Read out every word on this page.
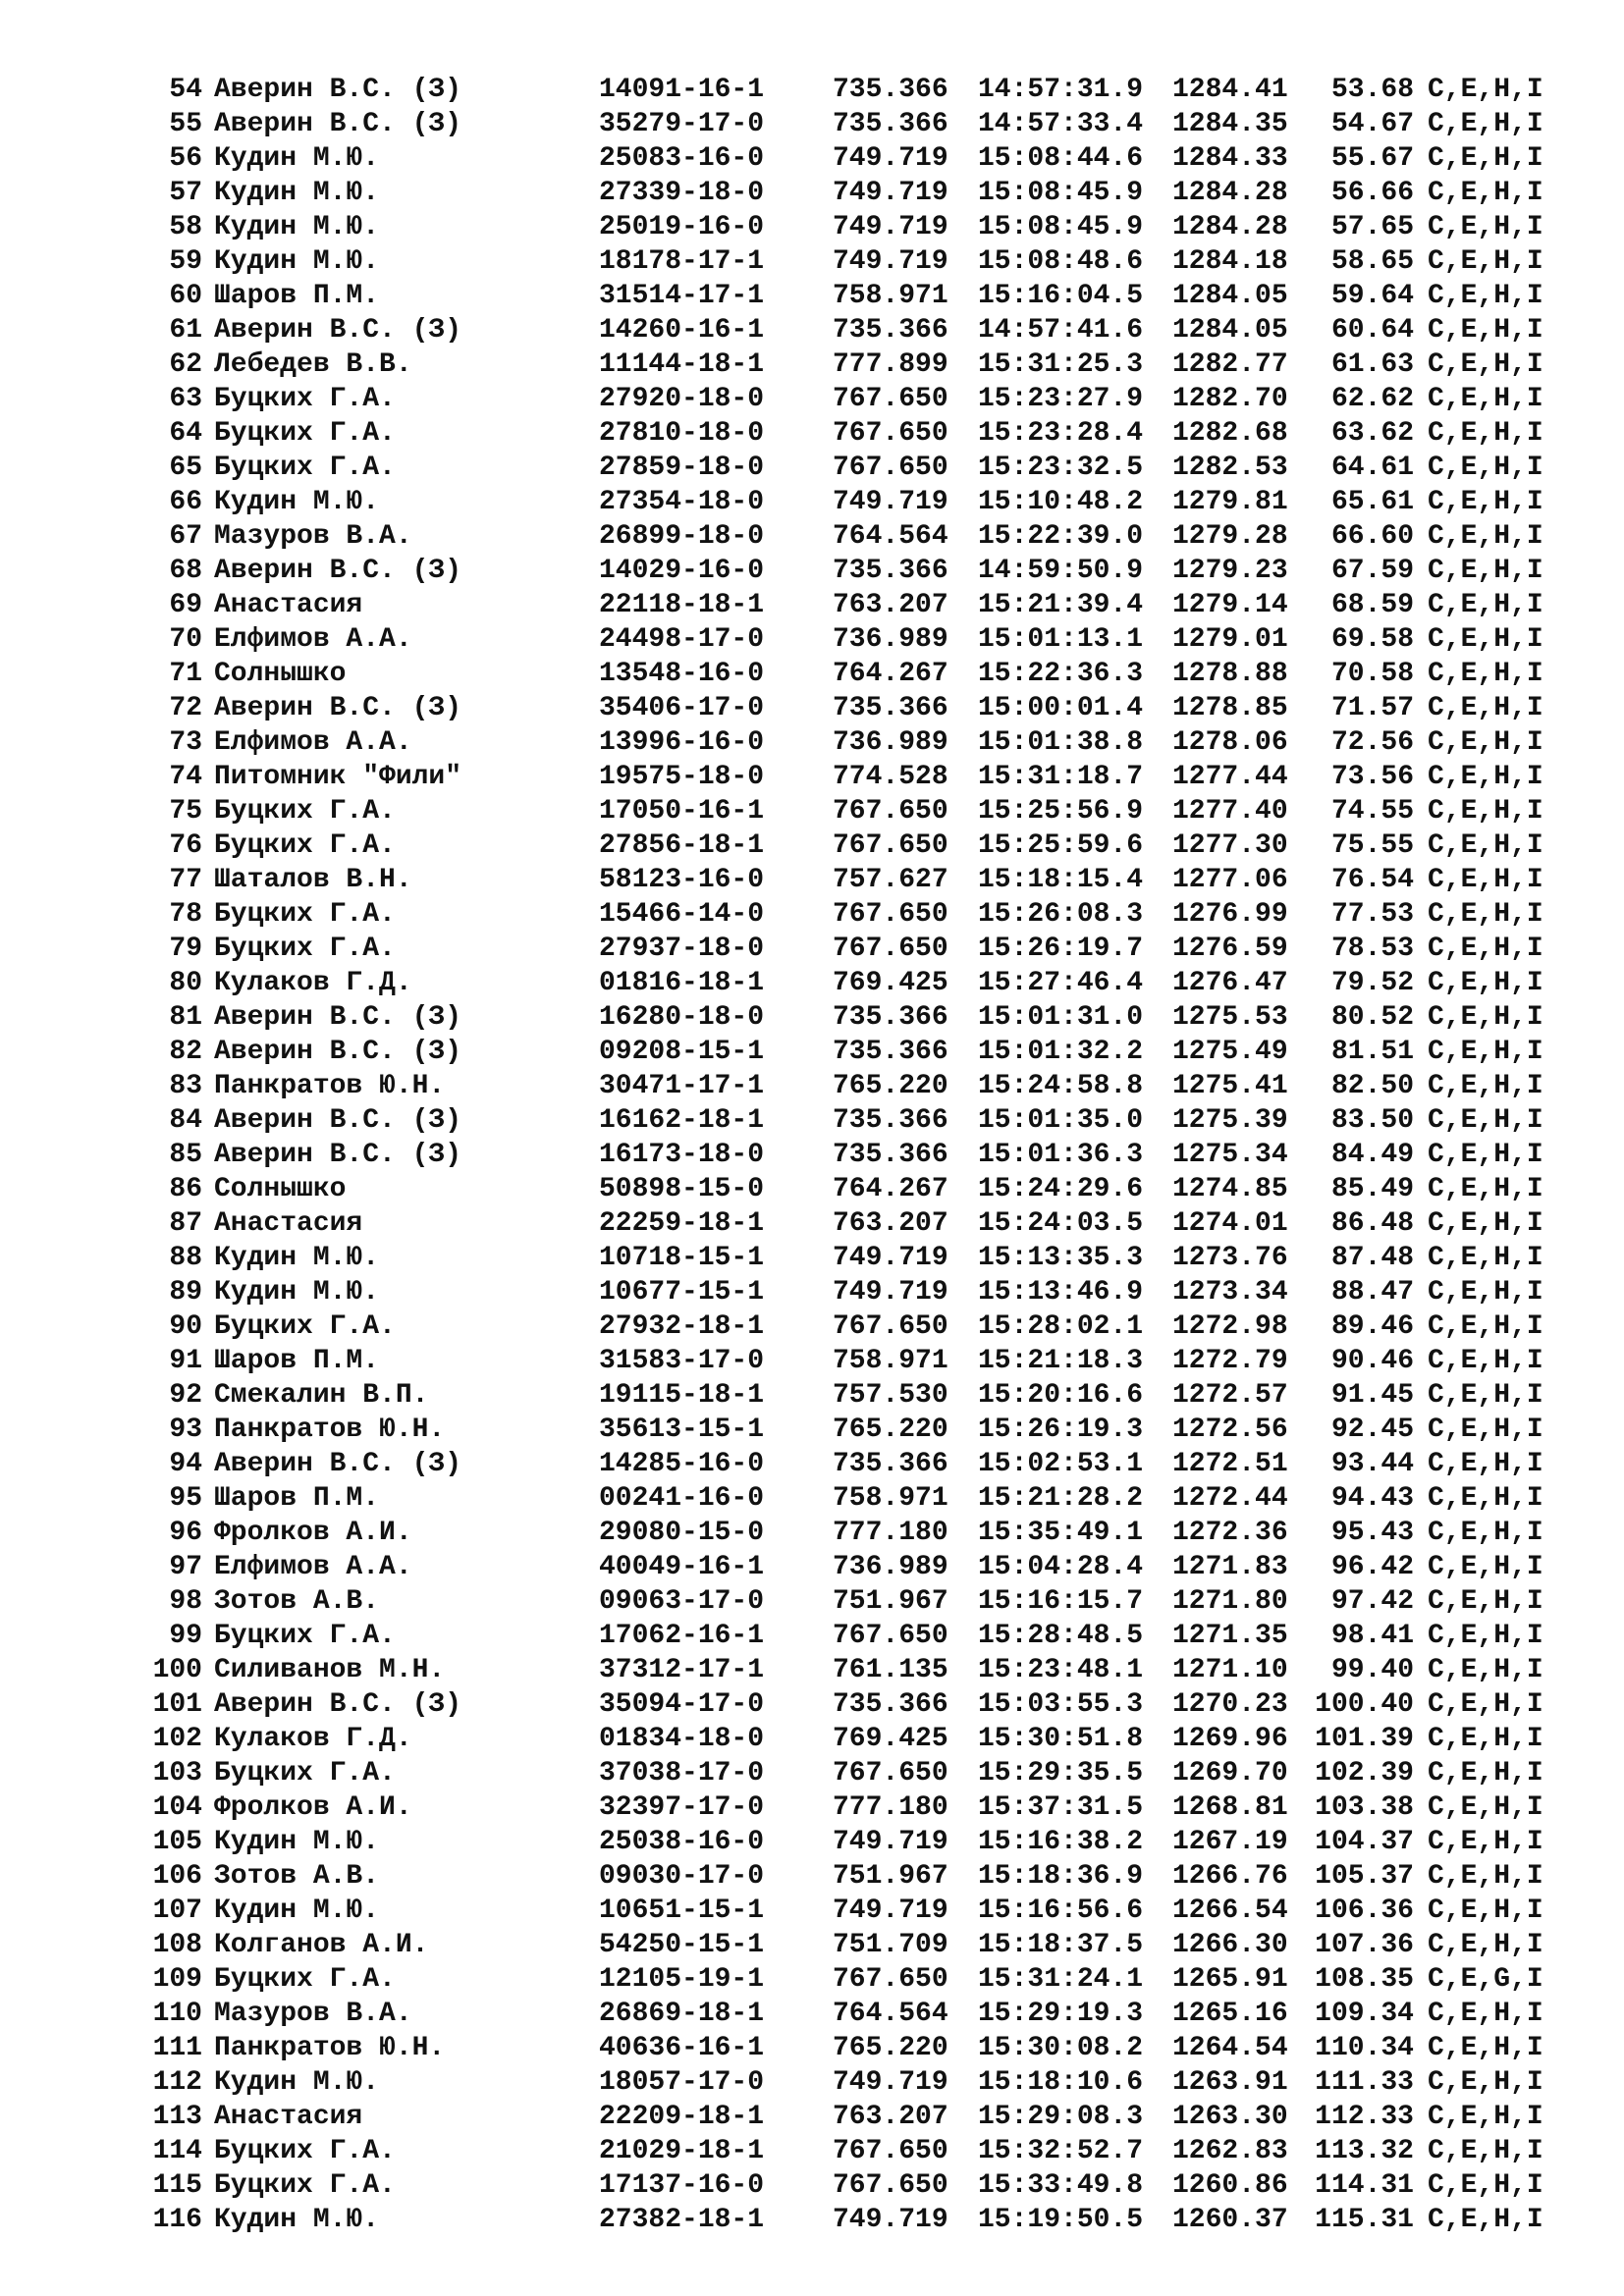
54 Аверин В.С. (З)	14091-16-1 735.366 14:57:31.9 1284.41	53.68 C,E,H,I
55 Аверин В.С. (З)	35279-17-0 735.366 14:57:33.4 1284.35	54.67 C,E,H,I
56 Кудин М.Ю.	25083-16-0 749.719 15:08:44.6 1284.33	55.67 C,E,H,I
57 Кудин М.Ю.	27339-18-0 749.719 15:08:45.9 1284.28	56.66 C,E,H,I
58 Кудин М.Ю.	25019-16-0 749.719 15:08:45.9 1284.28	57.65 C,E,H,I
59 Кудин М.Ю.	18178-17-1 749.719 15:08:48.6 1284.18	58.65 C,E,H,I
60 Шаров П.М.	31514-17-1 758.971 15:16:04.5 1284.05	59.64 C,E,H,I
61 Аверин В.С. (З)	14260-16-1 735.366 14:57:41.6 1284.05	60.64 C,E,H,I
62 Лебедев В.В.	11144-18-1 777.899 15:31:25.3 1282.77	61.63 C,E,H,I
63 Буцких Г.А.	27920-18-0 767.650 15:23:27.9 1282.70	62.62 C,E,H,I
64 Буцких Г.А.	27810-18-0 767.650 15:23:28.4 1282.68	63.62 C,E,H,I
65 Буцких Г.А.	27859-18-0 767.650 15:23:32.5 1282.53	64.61 C,E,H,I
66 Кудин М.Ю.	27354-18-0 749.719 15:10:48.2 1279.81	65.61 C,E,H,I
67 Мазуров В.А.	26899-18-0 764.564 15:22:39.0 1279.28	66.60 C,E,H,I
68 Аверин В.С. (З)	14029-16-0 735.366 14:59:50.9 1279.23	67.59 C,E,H,I
69 Анастасия	22118-18-1 763.207 15:21:39.4 1279.14	68.59 C,E,H,I
70 Елфимов А.А.	24498-17-0 736.989 15:01:13.1 1279.01	69.58 C,E,H,I
71 Солнышко	13548-16-0 764.267 15:22:36.3 1278.88	70.58 C,E,H,I
72 Аверин В.С. (З)	35406-17-0 735.366 15:00:01.4 1278.85	71.57 C,E,H,I
73 Елфимов А.А.	13996-16-0 736.989 15:01:38.8 1278.06	72.56 C,E,H,I
74 Питомник "Фили"	19575-18-0 774.528 15:31:18.7 1277.44	73.56 C,E,H,I
75 Буцких Г.А.	17050-16-1 767.650 15:25:56.9 1277.40	74.55 C,E,H,I
76 Буцких Г.А.	27856-18-1 767.650 15:25:59.6 1277.30	75.55 C,E,H,I
77 Шаталов В.Н.	58123-16-0 757.627 15:18:15.4 1277.06	76.54 C,E,H,I
78 Буцких Г.А.	15466-14-0 767.650 15:26:08.3 1276.99	77.53 C,E,H,I
79 Буцких Г.А.	27937-18-0 767.650 15:26:19.7 1276.59	78.53 C,E,H,I
80 Кулаков Г.Д.	01816-18-1 769.425 15:27:46.4 1276.47	79.52 C,E,H,I
81 Аверин В.С. (З)	16280-18-0 735.366 15:01:31.0 1275.53	80.52 C,E,H,I
82 Аверин В.С. (З)	09208-15-1 735.366 15:01:32.2 1275.49	81.51 C,E,H,I
83 Панкратов Ю.Н.	30471-17-1 765.220 15:24:58.8 1275.41	82.50 C,E,H,I
84 Аверин В.С. (З)	16162-18-1 735.366 15:01:35.0 1275.39	83.50 C,E,H,I
85 Аверин В.С. (З)	16173-18-0 735.366 15:01:36.3 1275.34	84.49 C,E,H,I
86 Солнышко	50898-15-0 764.267 15:24:29.6 1274.85	85.49 C,E,H,I
87 Анастасия	22259-18-1 763.207 15:24:03.5 1274.01	86.48 C,E,H,I
88 Кудин М.Ю.	10718-15-1 749.719 15:13:35.3 1273.76	87.48 C,E,H,I
89 Кудин М.Ю.	10677-15-1 749.719 15:13:46.9 1273.34	88.47 C,E,H,I
90 Буцких Г.А.	27932-18-1 767.650 15:28:02.1 1272.98	89.46 C,E,H,I
91 Шаров П.М.	31583-17-0 758.971 15:21:18.3 1272.79	90.46 C,E,H,I
92 Смекалин В.П.	19115-18-1 757.530 15:20:16.6 1272.57	91.45 C,E,H,I
93 Панкратов Ю.Н.	35613-15-1 765.220 15:26:19.3 1272.56	92.45 C,E,H,I
94 Аверин В.С. (З)	14285-16-0 735.366 15:02:53.1 1272.51	93.44 C,E,H,I
95 Шаров П.М.	00241-16-0 758.971 15:21:28.2 1272.44	94.43 C,E,H,I
96 Фролков А.И.	29080-15-0 777.180 15:35:49.1 1272.36	95.43 C,E,H,I
97 Елфимов А.А.	40049-16-1 736.989 15:04:28.4 1271.83	96.42 C,E,H,I
98 Зотов А.В.	09063-17-0 751.967 15:16:15.7 1271.80	97.42 C,E,H,I
99 Буцких Г.А.	17062-16-1 767.650 15:28:48.5 1271.35	98.41 C,E,H,I
100 Силиванов М.Н.	37312-17-1 761.135 15:23:48.1 1271.10	99.40 C,E,H,I
101 Аверин В.С. (З)	35094-17-0 735.366 15:03:55.3 1270.23 100.40 C,E,H,I
102 Кулаков Г.Д.	01834-18-0 769.425 15:30:51.8 1269.96 101.39 C,E,H,I
103 Буцких Г.А.	37038-17-0 767.650 15:29:35.5 1269.70 102.39 C,E,H,I
104 Фролков А.И.	32397-17-0 777.180 15:37:31.5 1268.81 103.38 C,E,H,I
105 Кудин М.Ю.	25038-16-0 749.719 15:16:38.2 1267.19 104.37 C,E,H,I
106 Зотов А.В.	09030-17-0 751.967 15:18:36.9 1266.76 105.37 C,E,H,I
107 Кудин М.Ю.	10651-15-1 749.719 15:16:56.6 1266.54 106.36 C,E,H,I
108 Колганов А.И.	54250-15-1 751.709 15:18:37.5 1266.30 107.36 C,E,H,I
109 Буцких Г.А.	12105-19-1 767.650 15:31:24.1 1265.91 108.35 C,E,G,I
110 Мазуров В.А.	26869-18-1 764.564 15:29:19.3 1265.16 109.34 C,E,H,I
111 Панкратов Ю.Н.	40636-16-1 765.220 15:30:08.2 1264.54 110.34 C,E,H,I
112 Кудин М.Ю.	18057-17-0 749.719 15:18:10.6 1263.91 111.33 C,E,H,I
113 Анастасия	22209-18-1 763.207 15:29:08.3 1263.30 112.33 C,E,H,I
114 Буцких Г.А.	21029-18-1 767.650 15:32:52.7 1262.83 113.32 C,E,H,I
115 Буцких Г.А.	17137-16-0 767.650 15:33:49.8 1260.86 114.31 C,E,H,I
116 Кудин М.Ю.	27382-18-1 749.719 15:19:50.5 1260.37 115.31 C,E,H,I
